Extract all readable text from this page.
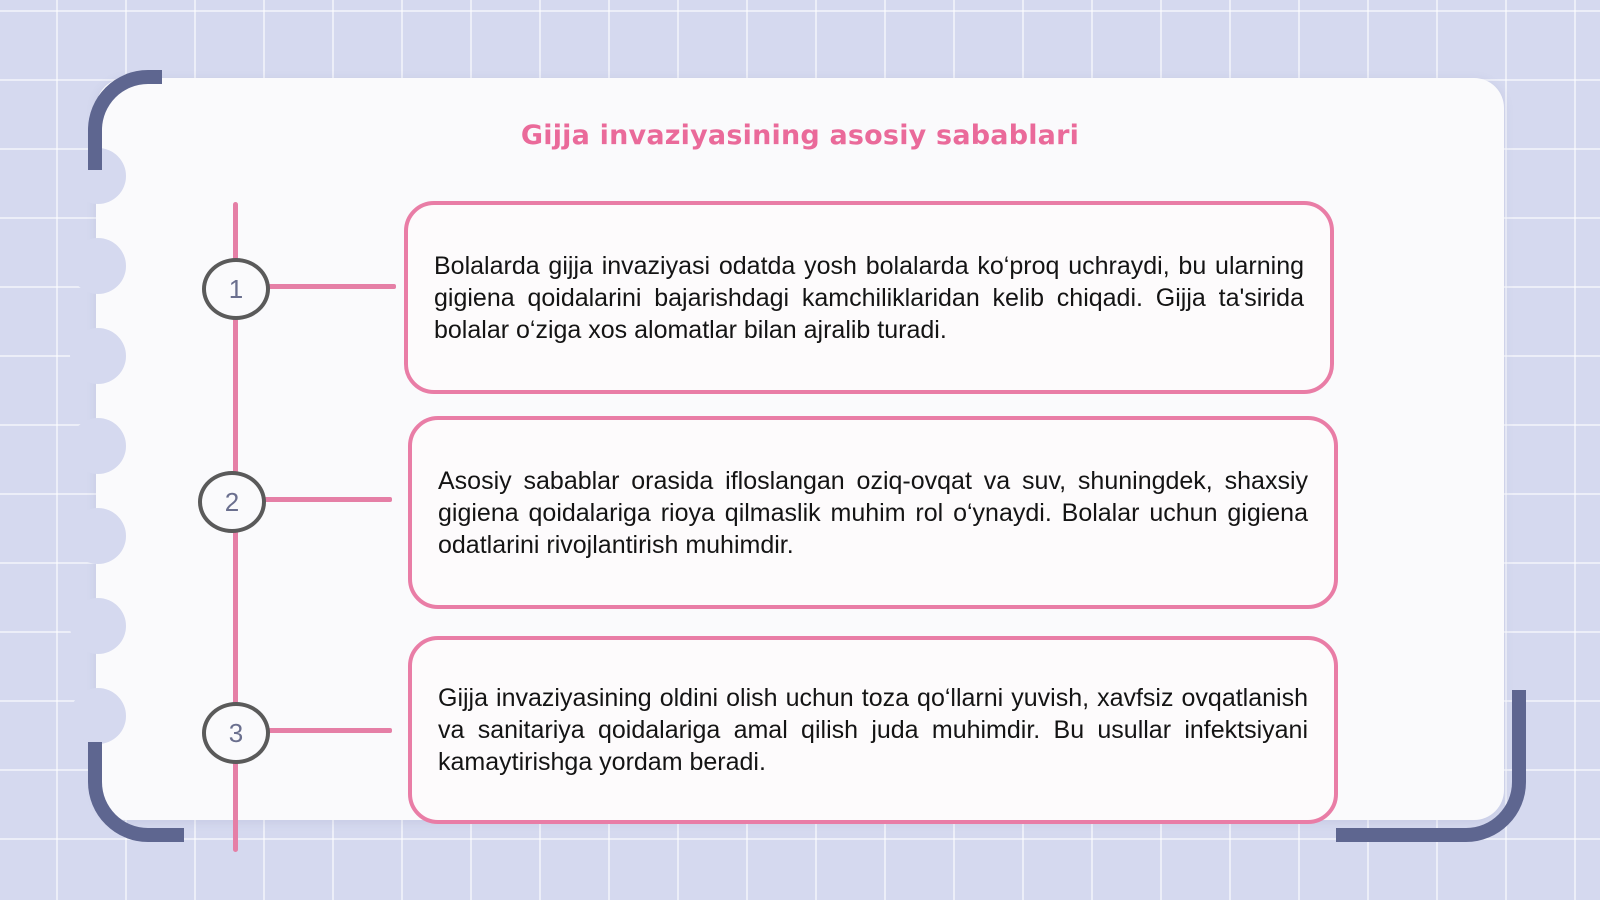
Gijja invaziyasining asosiy sabablari
1
2
3

Bolalarda gijja invaziyasi odatda yosh bolalarda ko‘proq uchraydi, bu ularning gigiena qoidalarini bajarishdagi kamchiliklaridan kelib chiqadi. Gijja ta'sirida bolalar o‘ziga xos alomatlar bilan ajralib turadi.

Asosiy sabablar orasida ifloslangan oziq-ovqat va suv, shuningdek, shaxsiy gigiena qoidalariga rioya qilmaslik muhim rol o‘ynaydi. Bolalar uchun gigiena odatlarini rivojlantirish muhimdir.

Gijja invaziyasining oldini olish uchun toza qo‘llarni yuvish, xavfsiz ovqatlanish va sanitariya qoidalariga amal qilish juda muhimdir. Bu usullar infektsiyani kamaytirishga yordam beradi.
